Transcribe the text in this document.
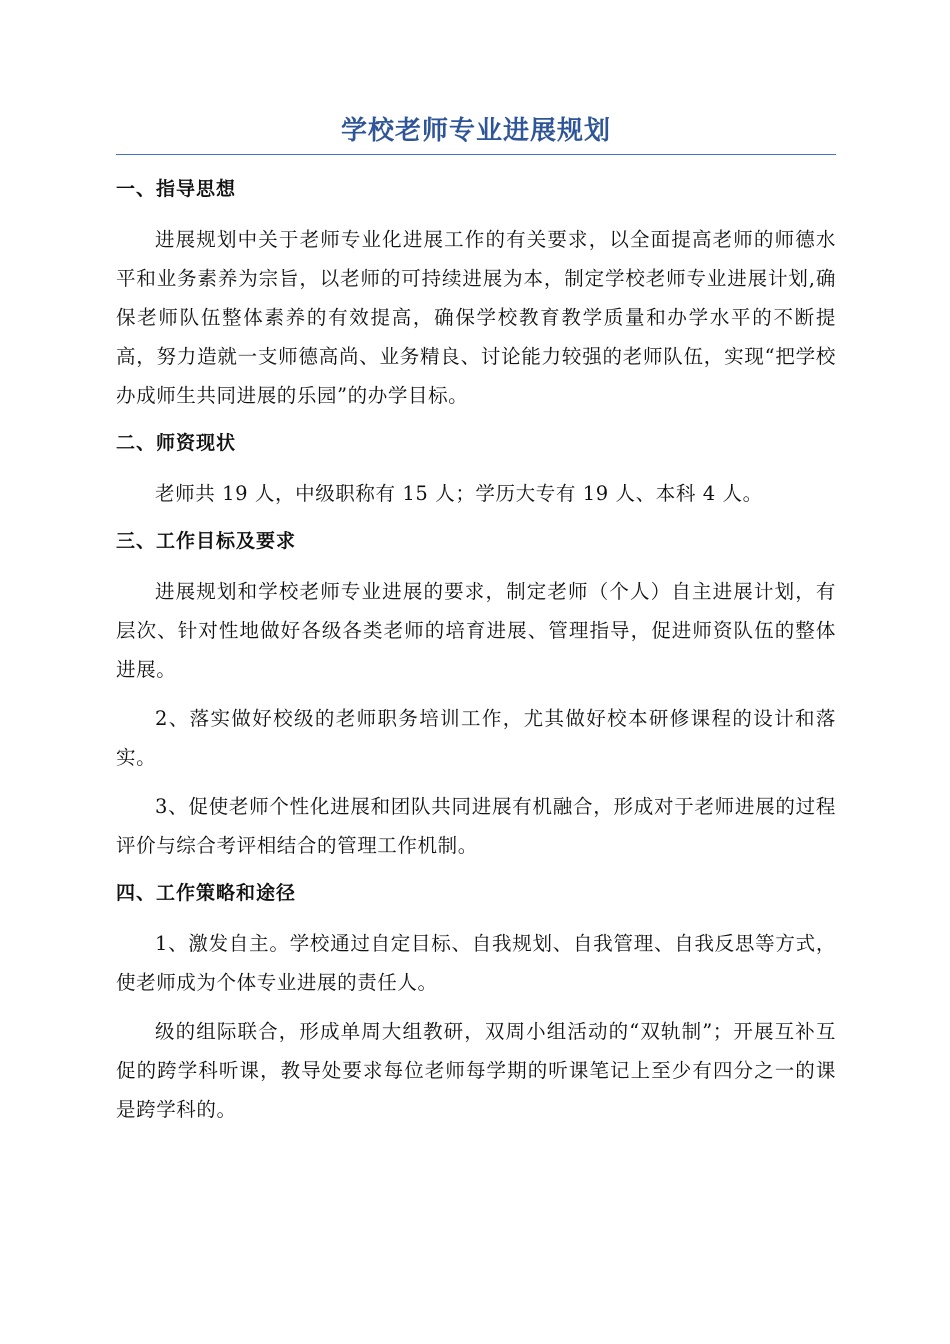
学校老师专业进展规划
一、指导思想

进展规划中关于老师专业化进展工作的有关要求，以全面提高老师的师德水平和业务素养为宗旨，以老师的可持续进展为本，制定学校老师专业进展计划,确保老师队伍整体素养的有效提高，确保学校教育教学质量和办学水平的不断提高，努力造就一支师德高尚、业务精良、讨论能力较强的老师队伍，实现“把学校办成师生共同进展的乐园”的办学目标。

二、师资现状

老师共 19 人，中级职称有 15 人；学历大专有 19 人、本科 4 人。

三、工作目标及要求

进展规划和学校老师专业进展的要求，制定老师（个人）自主进展计划，有层次、针对性地做好各级各类老师的培育进展、管理指导，促进师资队伍的整体进展。

2、落实做好校级的老师职务培训工作，尤其做好校本研修课程的设计和落实。

3、促使老师个性化进展和团队共同进展有机融合，形成对于老师进展的过程评价与综合考评相结合的管理工作机制。

四、工作策略和途径

1、激发自主。学校通过自定目标、自我规划、自我管理、自我反思等方式，使老师成为个体专业进展的责任人。

级的组际联合，形成单周大组教研，双周小组活动的“双轨制”；开展互补互促的跨学科听课，教导处要求每位老师每学期的听课笔记上至少有四分之一的课是跨学科的。
